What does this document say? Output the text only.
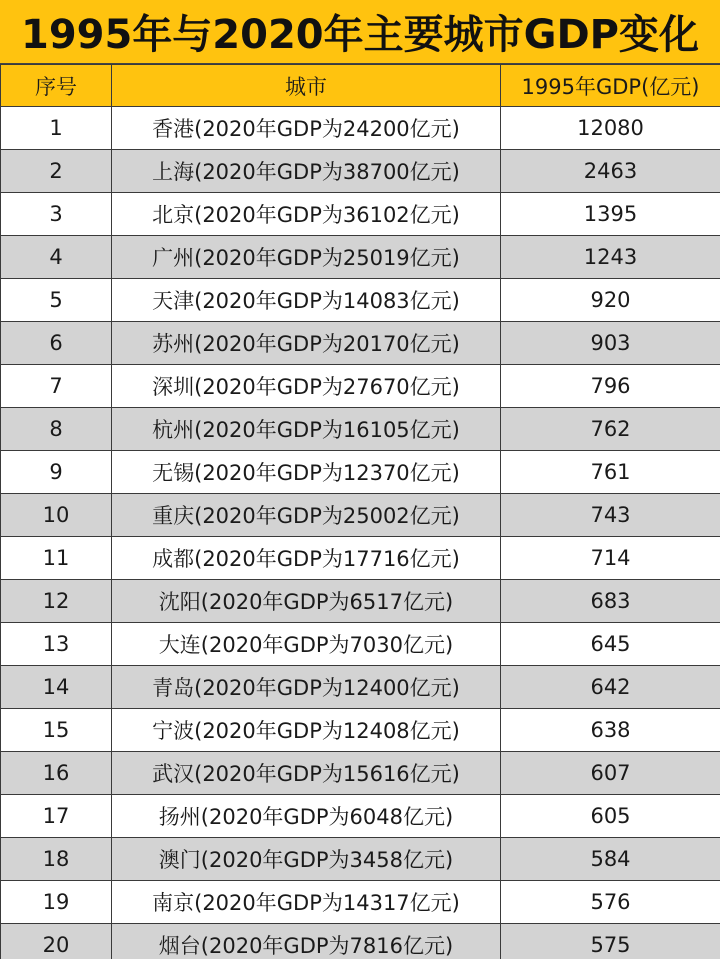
1995年与2020年主要城市GDP变化
序号	城市	1995年GDP(亿元)
1	香港(2020年GDP为24200亿元)	12080
2	上海(2020年GDP为38700亿元)	2463
3	北京(2020年GDP为36102亿元)	1395
4	广州(2020年GDP为25019亿元)	1243
5	天津(2020年GDP为14083亿元)	920
6	苏州(2020年GDP为20170亿元)	903
7	深圳(2020年GDP为27670亿元)	796
8	杭州(2020年GDP为16105亿元)	762
9	无锡(2020年GDP为12370亿元)	761
10	重庆(2020年GDP为25002亿元)	743
11	成都(2020年GDP为17716亿元)	714
12	沈阳(2020年GDP为6517亿元)	683
13	大连(2020年GDP为7030亿元)	645
14	青岛(2020年GDP为12400亿元)	642
15	宁波(2020年GDP为12408亿元)	638
16	武汉(2020年GDP为15616亿元)	607
17	扬州(2020年GDP为6048亿元)	605
18	澳门(2020年GDP为3458亿元)	584
19	南京(2020年GDP为14317亿元)	576
20	烟台(2020年GDP为7816亿元)	575
